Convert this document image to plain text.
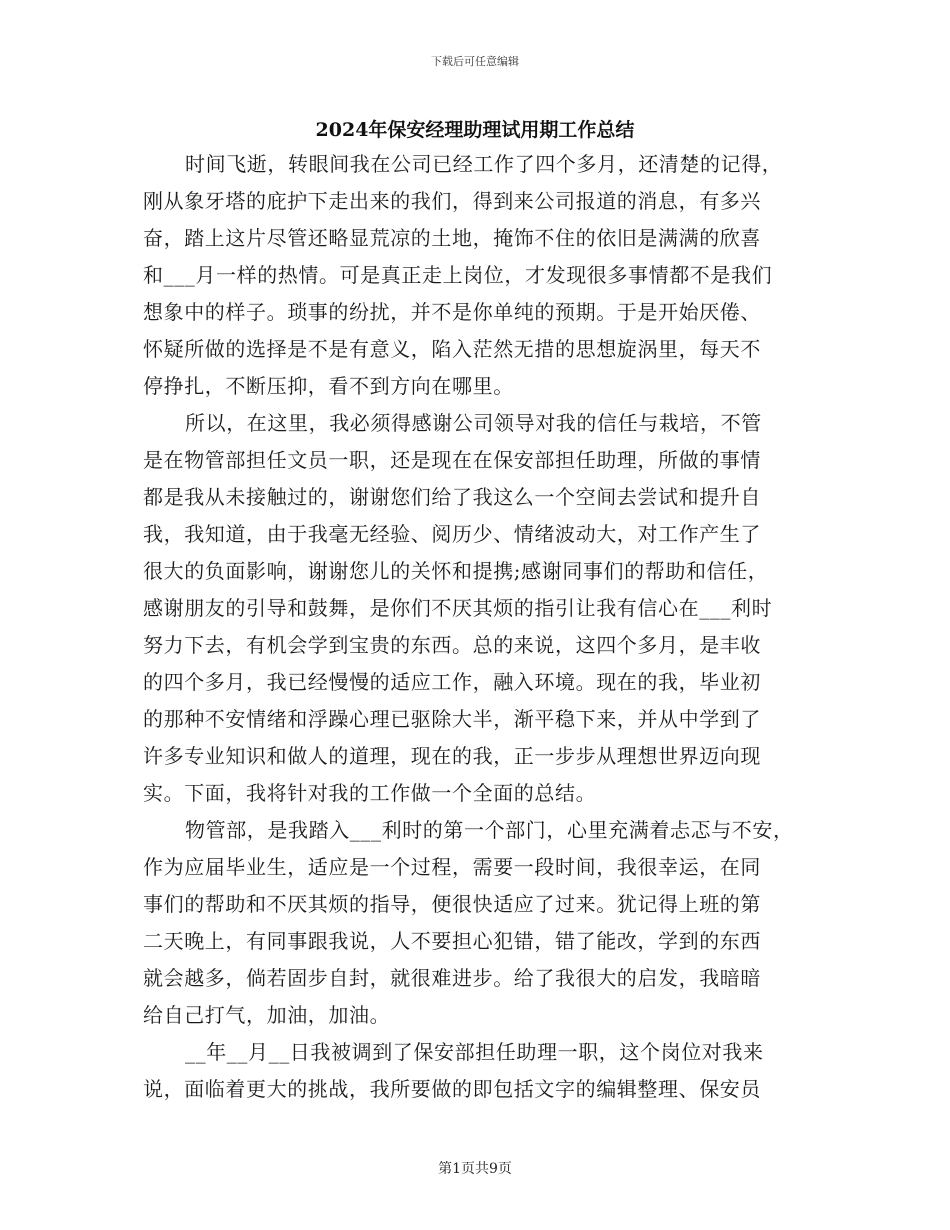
下载后可任意编辑
2024年保安经理助理试用期工作总结
时间飞逝，转眼间我在公司已经工作了四个多月，还清楚的记得，
刚从象牙塔的庇护下走出来的我们，得到来公司报道的消息，有多兴
奋，踏上这片尽管还略显荒凉的土地，掩饰不住的依旧是满满的欣喜
和___月一样的热情。可是真正走上岗位，才发现很多事情都不是我们
想象中的样子。琐事的纷扰，并不是你单纯的预期。于是开始厌倦、
怀疑所做的选择是不是有意义，陷入茫然无措的思想旋涡里，每天不
停挣扎，不断压抑，看不到方向在哪里。
所以，在这里，我必须得感谢公司领导对我的信任与栽培，不管
是在物管部担任文员一职，还是现在在保安部担任助理，所做的事情
都是我从未接触过的，谢谢您们给了我这么一个空间去尝试和提升自
我，我知道，由于我毫无经验、阅历少、情绪波动大，对工作产生了
很大的负面影响，谢谢您儿的关怀和提携;感谢同事们的帮助和信任，
感谢朋友的引导和鼓舞，是你们不厌其烦的指引让我有信心在___利时
努力下去，有机会学到宝贵的东西。总的来说，这四个多月，是丰收
的四个多月，我已经慢慢的适应工作，融入环境。现在的我，毕业初
的那种不安情绪和浮躁心理已驱除大半，渐平稳下来，并从中学到了
许多专业知识和做人的道理，现在的我，正一步步从理想世界迈向现
实。下面，我将针对我的工作做一个全面的总结。
物管部，是我踏入___利时的第一个部门，心里充满着忐忑与不安，
作为应届毕业生，适应是一个过程，需要一段时间，我很幸运，在同
事们的帮助和不厌其烦的指导，便很快适应了过来。犹记得上班的第
二天晚上，有同事跟我说，人不要担心犯错，错了能改，学到的东西
就会越多，倘若固步自封，就很难进步。给了我很大的启发，我暗暗
给自己打气，加油，加油。
__年__月__日我被调到了保安部担任助理一职，这个岗位对我来
说，面临着更大的挑战，我所要做的即包括文字的编辑整理、保安员
第1页共9页
